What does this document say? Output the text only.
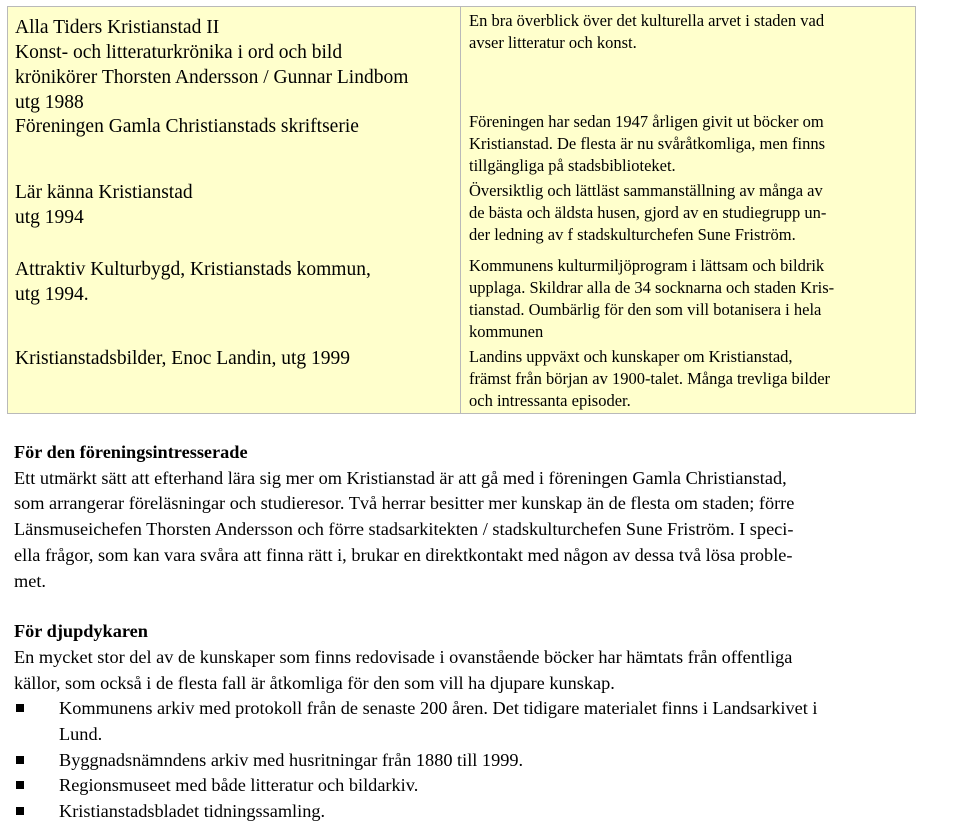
Alla Tiders Kristianstad II
Konst- och litteraturkrönika i ord och bild
krönikörer Thorsten Andersson / Gunnar Lindbom
utg 1988

En bra överblick över det kulturella arvet i staden vad
avser litteratur och konst.

Föreningen Gamla Christianstads skriftserie	Föreningen har sedan 1947 årligen givit ut böcker om
Kristianstad. De flesta är nu svåråtkomliga, men finns
tillgängliga på stadsbiblioteket.

Lär känna Kristianstad
utg 1994

Översiktlig och lättläst sammanställning av många av
de bästa och äldsta husen, gjord av en studiegrupp un-
der ledning av f stadskulturchefen Sune Friström.

Attraktiv Kulturbygd, Kristianstads kommun,
utg 1994.

Kommunens kulturmiljöprogram i lättsam och bildrik
upplaga. Skildrar alla de 34 socknarna och staden Kris-
tianstad. Oumbärlig för den som vill botanisera i hela
kommunen

Kristianstadsbilder, Enoc Landin, utg 1999	Landins uppväxt och kunskaper om Kristianstad,
främst från början av 1900-talet. Många trevliga bilder
och intressanta episoder.

För den föreningsintresserade

Ett utmärkt sätt att efterhand lära sig mer om Kristianstad är att gå med i föreningen Gamla Christianstad,
som arrangerar föreläsningar och studieresor. Två herrar besitter mer kunskap än de flesta om staden; förre
Länsmuseichefen Thorsten Andersson och förre stadsarkitekten / stadskulturchefen Sune Friström. I speci-
ella frågor, som kan vara svåra att finna rätt i, brukar en direktkontakt med någon av dessa två lösa proble-
met.

För djupdykaren

En mycket stor del av de kunskaper som finns redovisade i ovanstående böcker har hämtats från offentliga
källor, som också i de flesta fall är åtkomliga för den som vill ha djupare kunskap.

Kommunens arkiv med protokoll från de senaste 200 åren. Det tidigare materialet finns i Landsarkivet i
Lund.
Byggnadsnämndens arkiv med husritningar från 1880 till 1999.
Regionsmuseet med både litteratur och bildarkiv.
Kristianstadsbladet tidningssamling.
